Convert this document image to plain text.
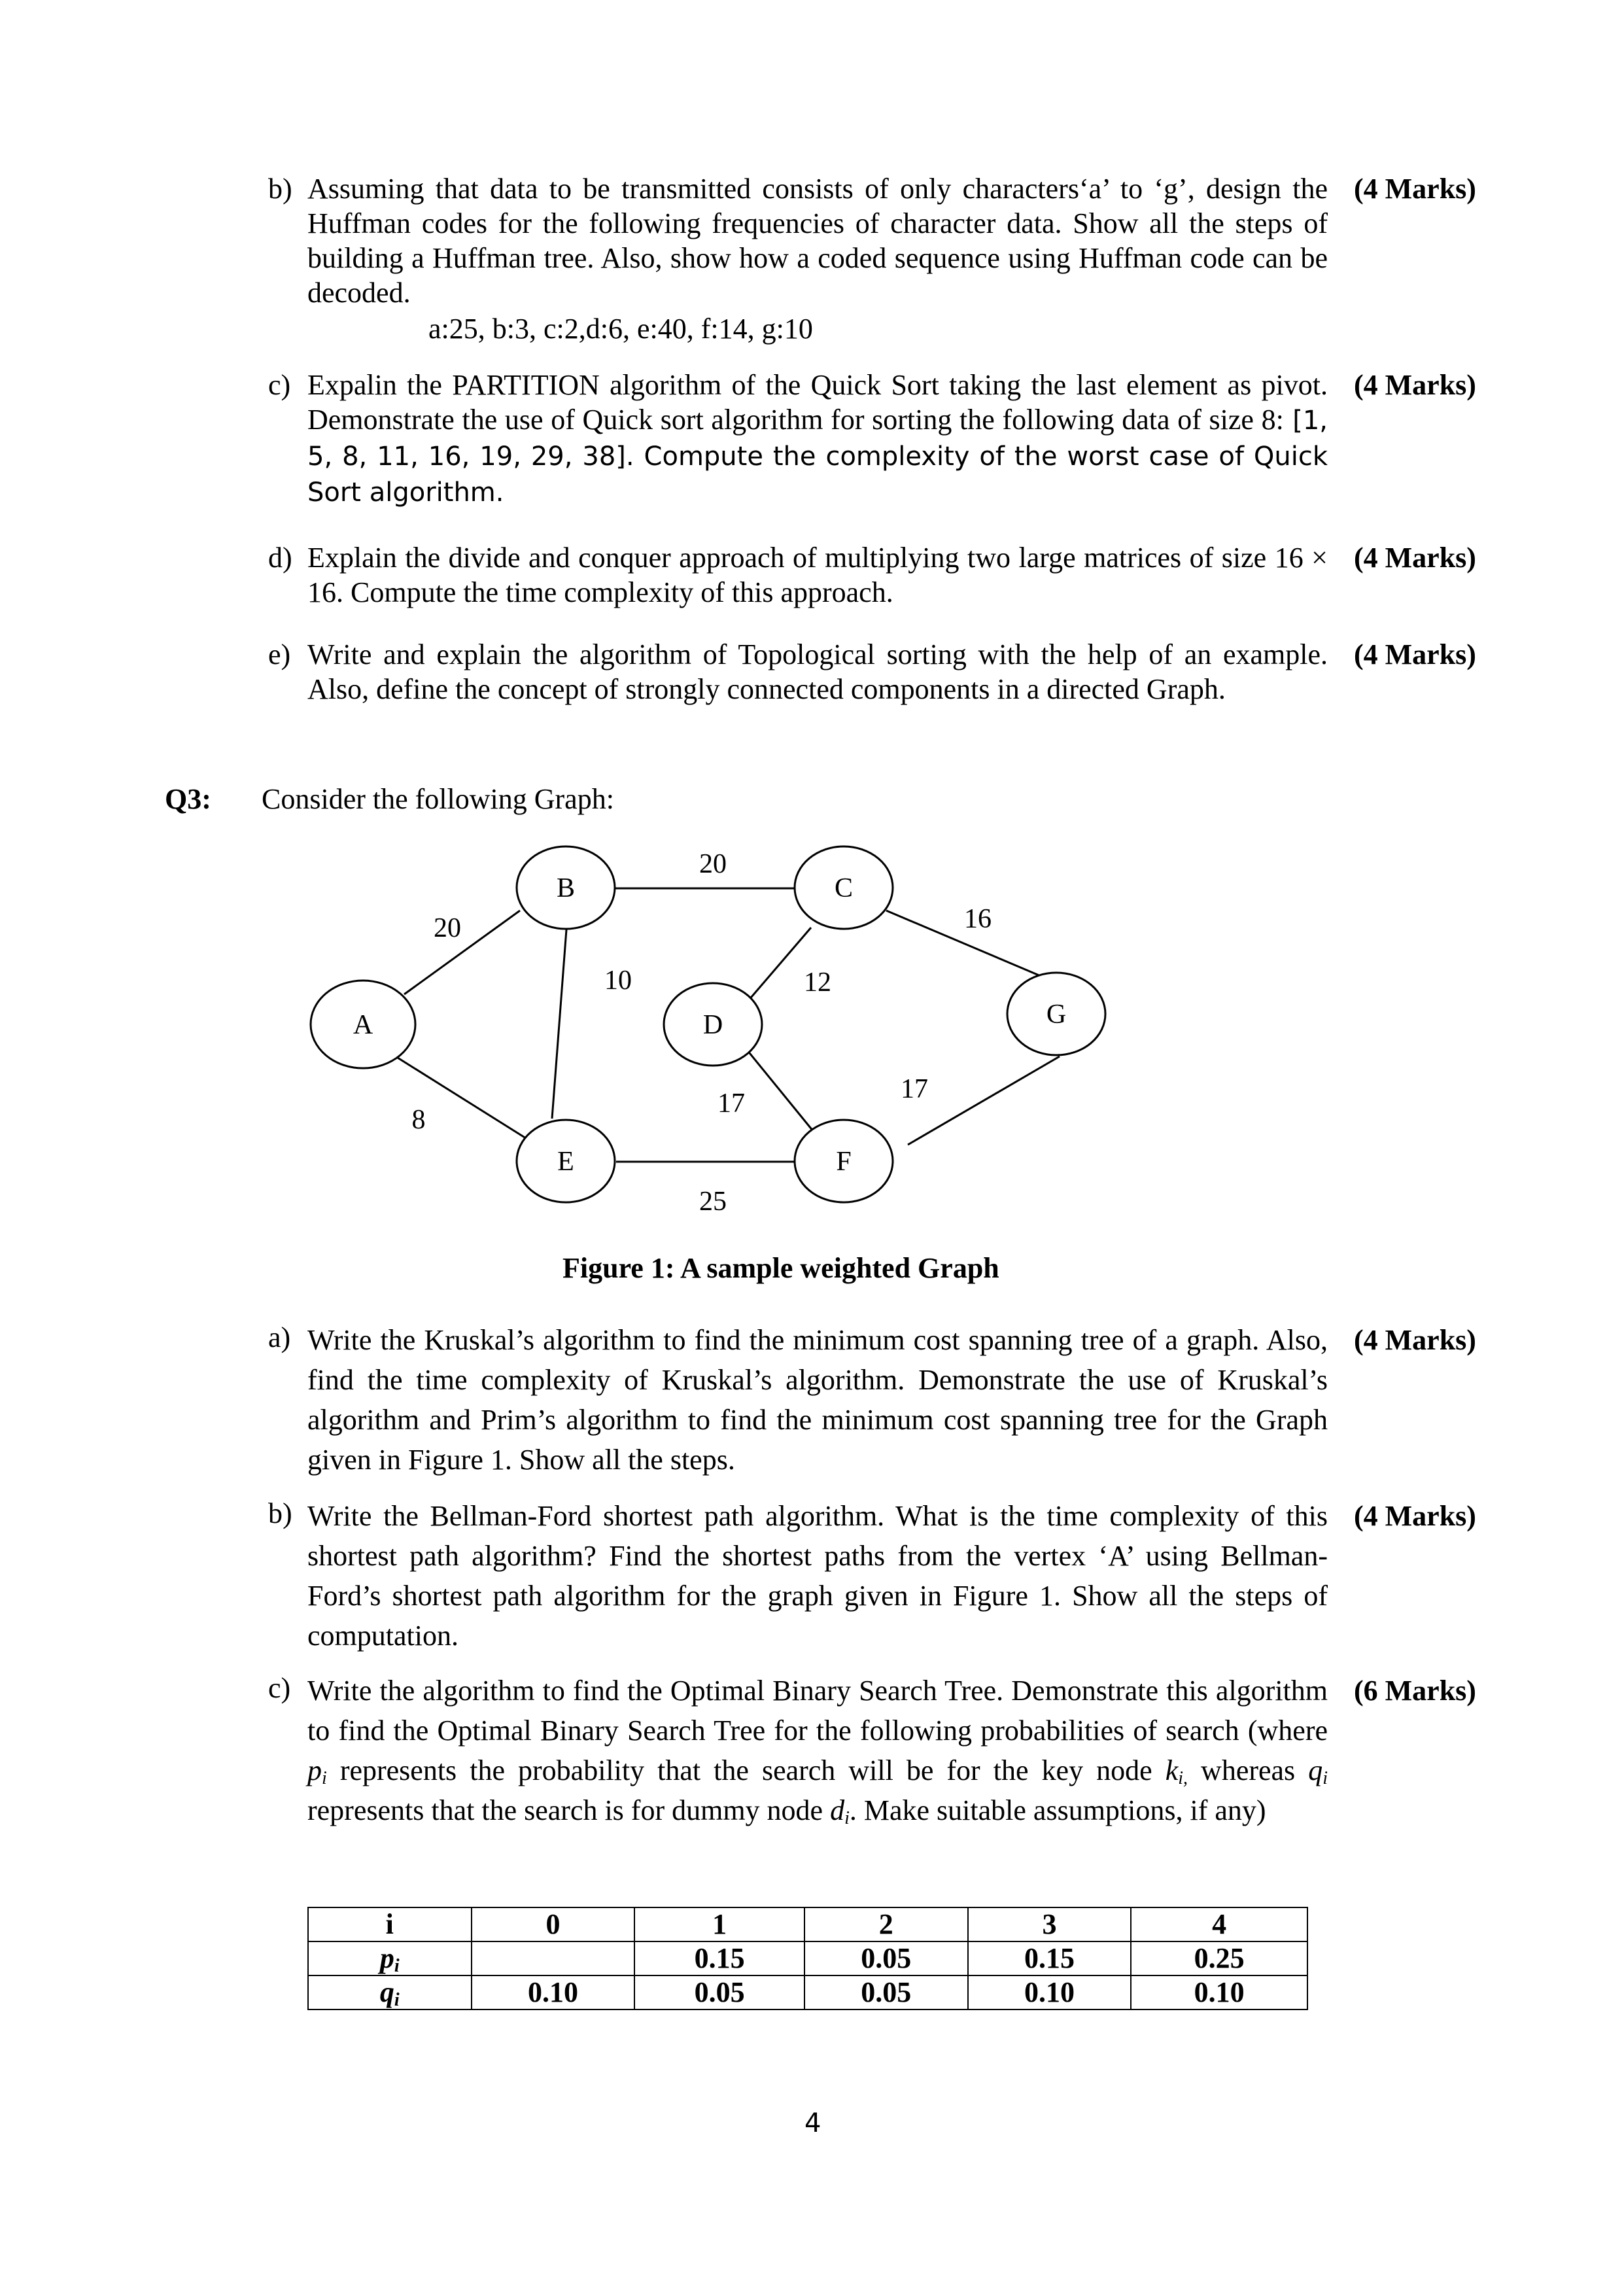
b) Assuming that data to be transmitted consists of only characters‘a’ to ‘g’, design the Huffman codes for the following frequencies of character data. Show all the steps of building a Huffman tree. Also, show how a coded sequence using Huffman code can be decoded.
a:25, b:3, c:2,d:6, e:40, f:14, g:10
(4 Marks)
c) Expalin the PARTITION algorithm of the Quick Sort taking the last element as pivot. Demonstrate the use of Quick sort algorithm for sorting the following data of size 8: [1, 5, 8, 11, 16, 19, 29, 38]. Compute the complexity of the worst case of Quick Sort algorithm.
(4 Marks)
d) Explain the divide and conquer approach of multiplying two large matrices of size 16 × 16. Compute the time complexity of this approach.
(4 Marks)
e) Write and explain the algorithm of Topological sorting with the help of an example. Also, define the concept of strongly connected components in a directed Graph.
(4 Marks)
Q3: Consider the following Graph:
A
B	C
D
E	F
G
20
8
20
10	12
16
17	17
25
Figure 1: A sample weighted Graph
a) Write the Kruskal’s algorithm to find the minimum cost spanning tree of a graph. Also, find the time complexity of Kruskal’s algorithm. Demonstrate the use of Kruskal’s algorithm and Prim’s algorithm to find the minimum cost spanning tree for the Graph given in Figure 1. Show all the steps.
(4 Marks)
b) Write the Bellman-Ford shortest path algorithm. What is the time complexity of this shortest path algorithm? Find the shortest paths from the vertex ‘A’ using Bellman-Ford’s shortest path algorithm for the graph given in Figure 1. Show all the steps of computation.
(4 Marks)
c) Write the algorithm to find the Optimal Binary Search Tree. Demonstrate this algorithm to find the Optimal Binary Search Tree for the following probabilities of search (where $p_i$ represents the probability that the search will be for the key node $k_{i,}$ whereas $q_i$ represents that the search is for dummy node $d_i$. Make suitable assumptions, if any)
(6 Marks)
i	0	1	2	3	4
$p_i$		0.15	0.05	0.15	0.25
$q_i$	0.10	0.05	0.05	0.10	0.10
4
